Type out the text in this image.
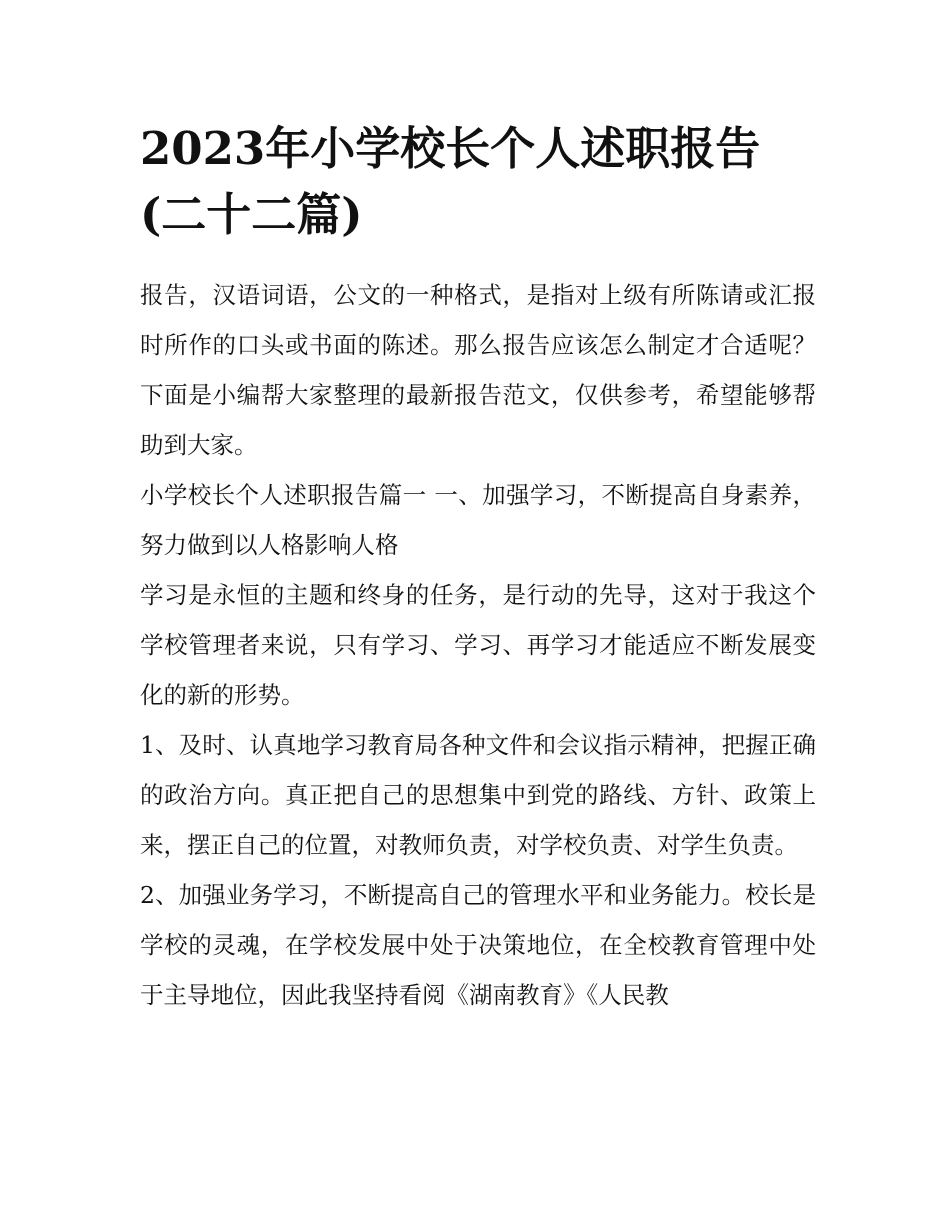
2023年小学校长个人述职报告(二十二篇)

报告，汉语词语，公文的一种格式，是指对上级有所陈请或汇报时所作的口头或书面的陈述。那么报告应该怎么制定才合适呢？下面是小编帮大家整理的最新报告范文，仅供参考，希望能够帮助到大家。

小学校长个人述职报告篇一 一、加强学习，不断提高自身素养，努力做到以人格影响人格

学习是永恒的主题和终身的任务，是行动的先导，这对于我这个学校管理者来说，只有学习、学习、再学习才能适应不断发展变化的新的形势。

1、及时、认真地学习教育局各种文件和会议指示精神，把握正确的政治方向。真正把自己的思想集中到党的路线、方针、政策上来，摆正自己的位置，对教师负责，对学校负责、对学生负责。

2、加强业务学习，不断提高自己的管理水平和业务能力。校长是学校的灵魂，在学校发展中处于决策地位，在全校教育管理中处于主导地位，因此我坚持看阅《湖南教育》《人民教
